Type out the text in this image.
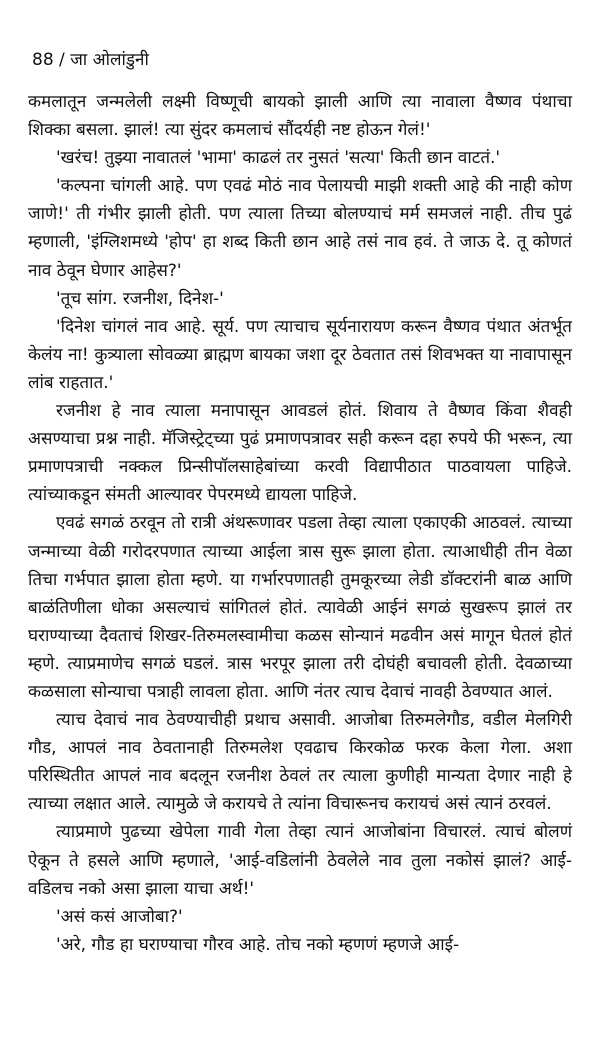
88 / जा ओलांडुनी

कमलातून जन्मलेली लक्ष्मी विष्णूची बायको झाली आणि त्या नावाला वैष्णव पंथाचा शिक्का बसला. झालं! त्या सुंदर कमलाचं सौंदर्यही नष्ट होऊन गेलं!'

'खरंच! तुझ्या नावातलं 'भामा' काढलं तर नुसतं 'सत्या' किती छान वाटतं.'

'कल्पना चांगली आहे. पण एवढं मोठं नाव पेलायची माझी शक्ती आहे की नाही कोण जाणे!' ती गंभीर झाली होती. पण त्याला तिच्या बोलण्याचं मर्म समजलं नाही. तीच पुढं म्हणाली, 'इंग्लिशमध्ये 'होप' हा शब्द किती छान आहे तसं नाव हवं. ते जाऊ दे. तू कोणतं नाव ठेवून घेणार आहेस?'

'तूच सांग. रजनीश, दिनेश-'

'दिनेश चांगलं नाव आहे. सूर्य. पण त्याचाच सूर्यनारायण करून वैष्णव पंथात अंतर्भूत केलंय ना! कुत्र्याला सोवळ्या ब्राह्मण बायका जशा दूर ठेवतात तसं शिवभक्त या नावापासून लांब राहतात.'

रजनीश हे नाव त्याला मनापासून आवडलं होतं. शिवाय ते वैष्णव किंवा शैवही असण्याचा प्रश्न नाही. मॅजिस्ट्रेट्च्या पुढं प्रमाणपत्रावर सही करून दहा रुपये फी भरून, त्या प्रमाणपत्राची नक्कल प्रिन्सीपॉलसाहेबांच्या करवी विद्यापीठात पाठवायला पाहिजे. त्यांच्याकडून संमती आल्यावर पेपरमध्ये द्यायला पाहिजे.

एवढं सगळं ठरवून तो रात्री अंथरूणावर पडला तेव्हा त्याला एकाएकी आठवलं. त्याच्या जन्माच्या वेळी गरोदरपणात त्याच्या आईला त्रास सुरू झाला होता. त्याआधीही तीन वेळा तिचा गर्भपात झाला होता म्हणे. या गर्भारपणातही तुमकूरच्या लेडी डॉक्टरांनी बाळ आणि बाळंतिणीला धोका असल्याचं सांगितलं होतं. त्यावेळी आईनं सगळं सुखरूप झालं तर घराण्याच्या दैवताचं शिखर-तिरुमलस्वामीचा कळस सोन्यानं मढवीन असं मागून घेतलं होतं म्हणे. त्याप्रमाणेच सगळं घडलं. त्रास भरपूर झाला तरी दोघंही बचावली होती. देवळाच्या कळसाला सोन्याचा पत्राही लावला होता. आणि नंतर त्याच देवाचं नावही ठेवण्यात आलं.

त्याच देवाचं नाव ठेवण्याचीही प्रथाच असावी. आजोबा तिरुमलेगौड, वडील मेलगिरी गौड, आपलं नाव ठेवतानाही तिरुमलेश एवढाच किरकोळ फरक केला गेला. अशा परिस्थितीत आपलं नाव बदलून रजनीश ठेवलं तर त्याला कुणीही मान्यता देणार नाही हे त्याच्या लक्षात आले. त्यामुळे जे करायचे ते त्यांना विचारूनच करायचं असं त्यानं ठरवलं.

त्याप्रमाणे पुढच्या खेपेला गावी गेला तेव्हा त्यानं आजोबांना विचारलं. त्याचं बोलणं ऐकून ते हसले आणि म्हणाले, 'आई-वडिलांनी ठेवलेले नाव तुला नकोसं झालं? आई-वडिलच नको असा झाला याचा अर्थ!'

'असं कसं आजोबा?'

'अरे, गौड हा घराण्याचा गौरव आहे. तोच नको म्हणणं म्हणजे आई-
